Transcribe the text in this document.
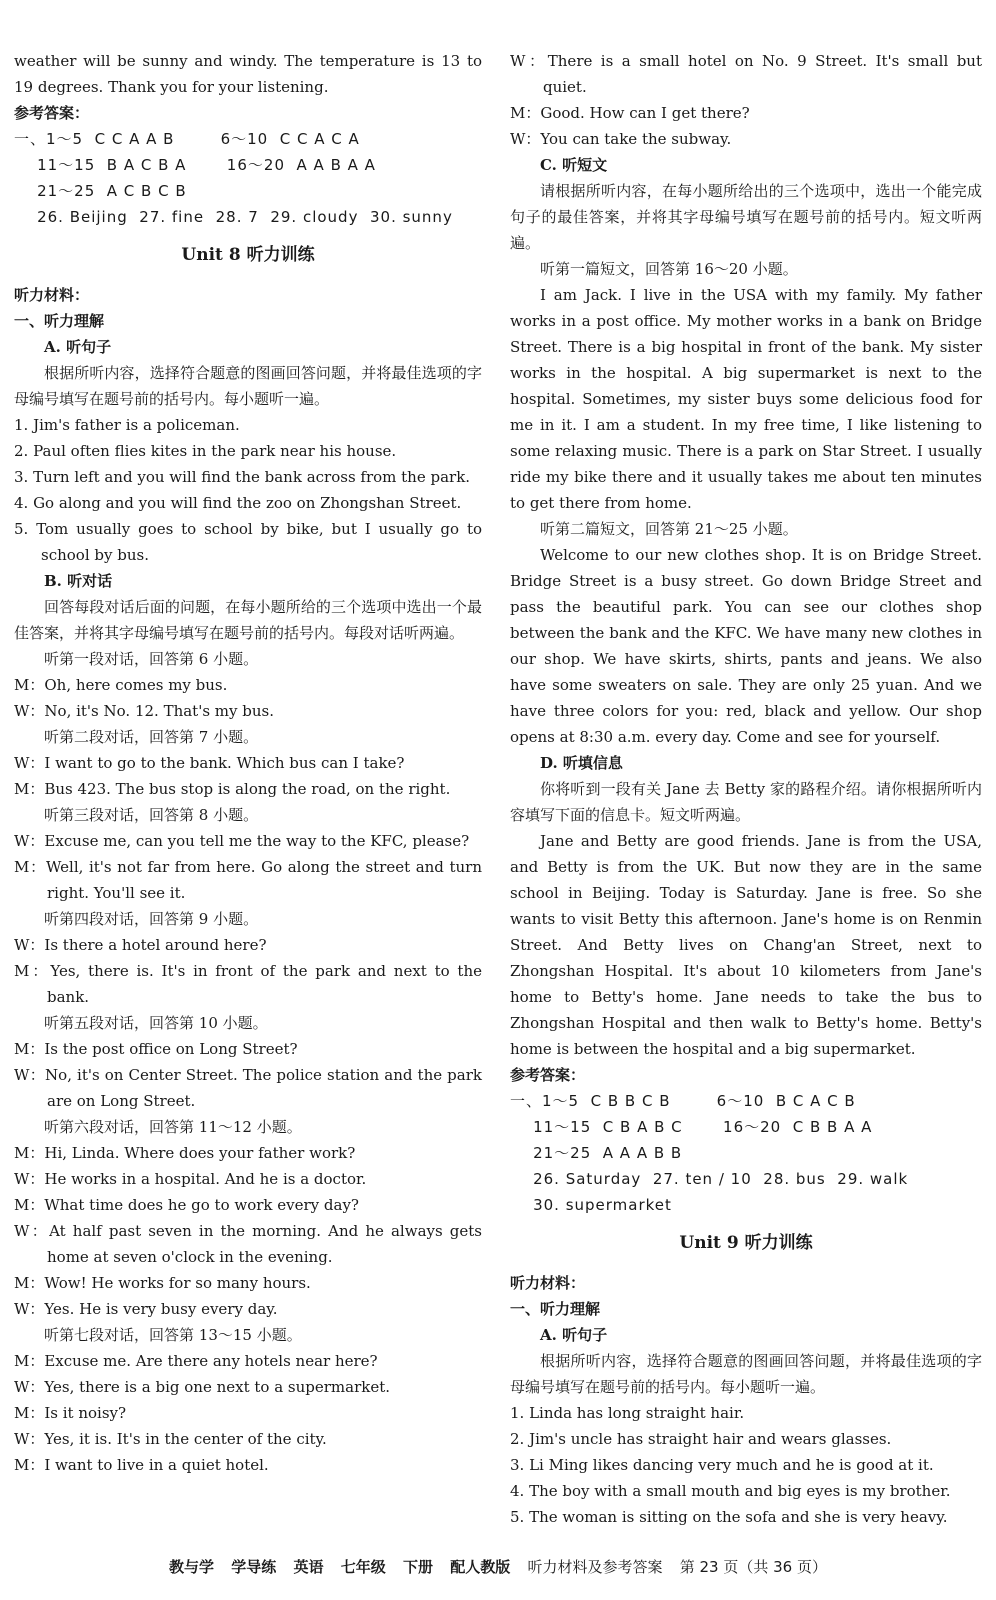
weather will be sunny and windy. The temperature is 13 to 19 degrees. Thank you for your listening.

参考答案：

一、1～5  C C A A B        6～10  C C A C A

11～15  B A C B A       16～20  A A B A A

21～25  A C B C B

26. Beijing  27. fine  28. 7  29. cloudy  30. sunny

Unit 8 听力训练

听力材料：

一、听力理解

A. 听句子

根据所听内容，选择符合题意的图画回答问题，并将最佳选项的字母编号填写在题号前的括号内。每小题听一遍。

1. Jim's father is a policeman.

2. Paul often flies kites in the park near his house.

3. Turn left and you will find the bank across from the park.

4. Go along and you will find the zoo on Zhongshan Street.

5. Tom usually goes to school by bike, but I usually go to school by bus.

B. 听对话

回答每段对话后面的问题，在每小题所给的三个选项中选出一个最佳答案，并将其字母编号填写在题号前的括号内。每段对话听两遍。

听第一段对话，回答第 6 小题。

M：Oh, here comes my bus.

W：No, it's No. 12. That's my bus.

听第二段对话，回答第 7 小题。

W：I want to go to the bank. Which bus can I take?

M：Bus 423. The bus stop is along the road, on the right.

听第三段对话，回答第 8 小题。

W：Excuse me, can you tell me the way to the KFC, please?

M：Well, it's not far from here. Go along the street and turn right. You'll see it.

听第四段对话，回答第 9 小题。

W：Is there a hotel around here?

M：Yes, there is. It's in front of the park and next to the bank.

听第五段对话，回答第 10 小题。

M：Is the post office on Long Street?

W：No, it's on Center Street. The police station and the park are on Long Street.

听第六段对话，回答第 11～12 小题。

M：Hi, Linda. Where does your father work?

W：He works in a hospital. And he is a doctor.

M：What time does he go to work every day?

W：At half past seven in the morning. And he always gets home at seven o'clock in the evening.

M：Wow! He works for so many hours.

W：Yes. He is very busy every day.

听第七段对话，回答第 13～15 小题。

M：Excuse me. Are there any hotels near here?

W：Yes, there is a big one next to a supermarket.

M：Is it noisy?

W：Yes, it is. It's in the center of the city.

M：I want to live in a quiet hotel.

W：There is a small hotel on No. 9 Street. It's small but quiet.

M：Good. How can I get there?

W：You can take the subway.

C. 听短文

请根据所听内容，在每小题所给出的三个选项中，选出一个能完成句子的最佳答案，并将其字母编号填写在题号前的括号内。短文听两遍。

听第一篇短文，回答第 16～20 小题。

I am Jack. I live in the USA with my family. My father works in a post office. My mother works in a bank on Bridge Street. There is a big hospital in front of the bank. My sister works in the hospital. A big supermarket is next to the hospital. Sometimes, my sister buys some delicious food for me in it. I am a student. In my free time, I like listening to some relaxing music. There is a park on Star Street. I usually ride my bike there and it usually takes me about ten minutes to get there from home.

听第二篇短文，回答第 21～25 小题。

Welcome to our new clothes shop. It is on Bridge Street. Bridge Street is a busy street. Go down Bridge Street and pass the beautiful park. You can see our clothes shop between the bank and the KFC. We have many new clothes in our shop. We have skirts, shirts, pants and jeans. We also have some sweaters on sale. They are only 25 yuan. And we have three colors for you: red, black and yellow. Our shop opens at 8:30 a.m. every day. Come and see for yourself.

D. 听填信息

你将听到一段有关 Jane 去 Betty 家的路程介绍。请你根据所听内容填写下面的信息卡。短文听两遍。

Jane and Betty are good friends. Jane is from the USA, and Betty is from the UK. But now they are in the same school in Beijing. Today is Saturday. Jane is free. So she wants to visit Betty this afternoon. Jane's home is on Renmin Street. And Betty lives on Chang'an Street, next to Zhongshan Hospital. It's about 10 kilometers from Jane's home to Betty's home. Jane needs to take the bus to Zhongshan Hospital and then walk to Betty's home. Betty's home is between the hospital and a big supermarket.

参考答案：

一、1～5  C B B C B        6～10  B C A C B

11～15  C B A B C       16～20  C B B A A

21～25  A A A B B

26. Saturday  27. ten / 10  28. bus  29. walk

30. supermarket

Unit 9 听力训练

听力材料：

一、听力理解

A. 听句子

根据所听内容，选择符合题意的图画回答问题，并将最佳选项的字母编号填写在题号前的括号内。每小题听一遍。

1. Linda has long straight hair.

2. Jim's uncle has straight hair and wears glasses.

3. Li Ming likes dancing very much and he is good at it.

4. The boy with a small mouth and big eyes is my brother.

5. The woman is sitting on the sofa and she is very heavy.

教与学 学导练 英语 七年级 下册 配人教版 听力材料及参考答案 第 23 页（共 36 页）
